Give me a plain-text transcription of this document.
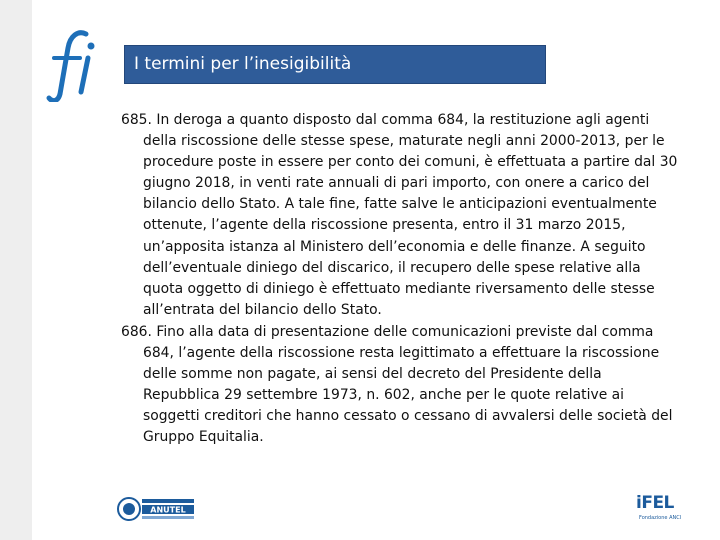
I termini per l’inesigibilità

685. In deroga a quanto disposto dal comma 684, la restituzione agli agenti della riscossione delle stesse spese, maturate negli anni 2000-2013, per le procedure poste in essere per conto dei comuni, è effettuata a partire dal 30 giugno 2018, in venti rate annuali di pari importo, con onere a carico del bilancio dello Stato. A tale fine, fatte salve le anticipazioni eventualmente ottenute, l’agente della riscossione presenta, entro il 31 marzo 2015, un’apposita istanza al Ministero dell’economia e delle finanze. A seguito dell’eventuale diniego del discarico, il recupero delle spese relative alla quota oggetto di diniego è effettuato mediante riversamento delle stesse all’entrata del bilancio dello Stato.

686. Fino alla data di presentazione delle comunicazioni previste dal comma 684, l’agente della riscossione resta legittimato a effettuare la riscossione delle somme non pagate, ai sensi del decreto del Presidente della Repubblica 29 settembre 1973, n. 602, anche per le quote relative ai soggetti creditori che hanno cessato o cessano di avvalersi delle società del Gruppo Equitalia.

ANUTEL	iFEL
Fondazione ANCI
